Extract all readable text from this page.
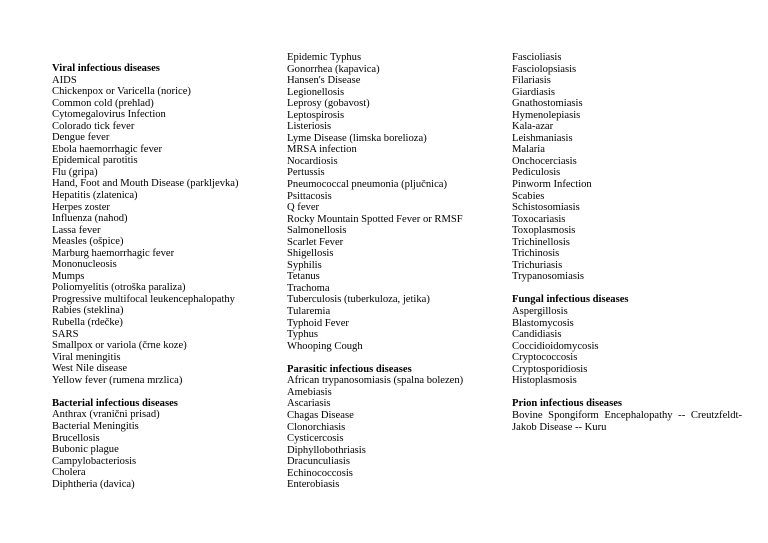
Viral infectious diseases
AIDS
Chickenpox or Varicella (norice)
Common cold (prehlad)
Cytomegalovirus Infection
Colorado tick fever
Dengue fever
Ebola haemorrhagic fever
Epidemical parotitis
Flu (gripa)
Hand, Foot and Mouth Disease (parkljevka)
Hepatitis (zlatenica)
Herpes zoster
Influenza (nahod)
Lassa fever
Measles (ošpice)
Marburg haemorrhagic fever
Mononucleosis
Mumps
Poliomyelitis (otroška paraliza)
Progressive multifocal leukencephalopathy
Rabies (steklina)
Rubella (rdečke)
SARS
Smallpox or variola (črne koze)
Viral meningitis
West Nile disease
Yellow fever (rumena mrzlica)
Bacterial infectious diseases
Anthrax (vranični prisad)
Bacterial Meningitis
Brucellosis
Bubonic plague
Campylobacteriosis
Cholera
Diphtheria (davica)
Epidemic Typhus
Gonorrhea (kapavica)
Hansen's Disease
Legionellosis
Leprosy (gobavost)
Leptospirosis
Listeriosis
Lyme Disease (limska borelioza)
MRSA infection
Nocardiosis
Pertussis
Pneumococcal pneumonia (pljučnica)
Psittacosis
Q fever
Rocky Mountain Spotted Fever or RMSF
Salmonellosis
Scarlet Fever
Shigellosis
Syphilis
Tetanus
Trachoma
Tuberculosis (tuberkuloza, jetika)
Tularemia
Typhoid Fever
Typhus
Whooping Cough
Parasitic infectious diseases
African trypanosomiasis (spalna bolezen)
Amebiasis
Ascariasis
Chagas Disease
Clonorchiasis
Cysticercosis
Diphyllobothriasis
Dracunculiasis
Echinococcosis
Enterobiasis
Fascioliasis
Fasciolopsiasis
Filariasis
Giardiasis
Gnathostomiasis
Hymenolepiasis
Kala-azar
Leishmaniasis
Malaria
Onchocerciasis
Pediculosis
Pinworm Infection
Scabies
Schistosomiasis
Toxocariasis
Toxoplasmosis
Trichinellosis
Trichinosis
Trichuriasis
Trypanosomiasis
Fungal infectious diseases
Aspergillosis
Blastomycosis
Candidiasis
Coccidioidomycosis
Cryptococcosis
Cryptosporidiosis
Histoplasmosis
Prion infectious diseases
Bovine Spongiform Encephalopathy -- Creutzfeldt-Jakob Disease -- Kuru
